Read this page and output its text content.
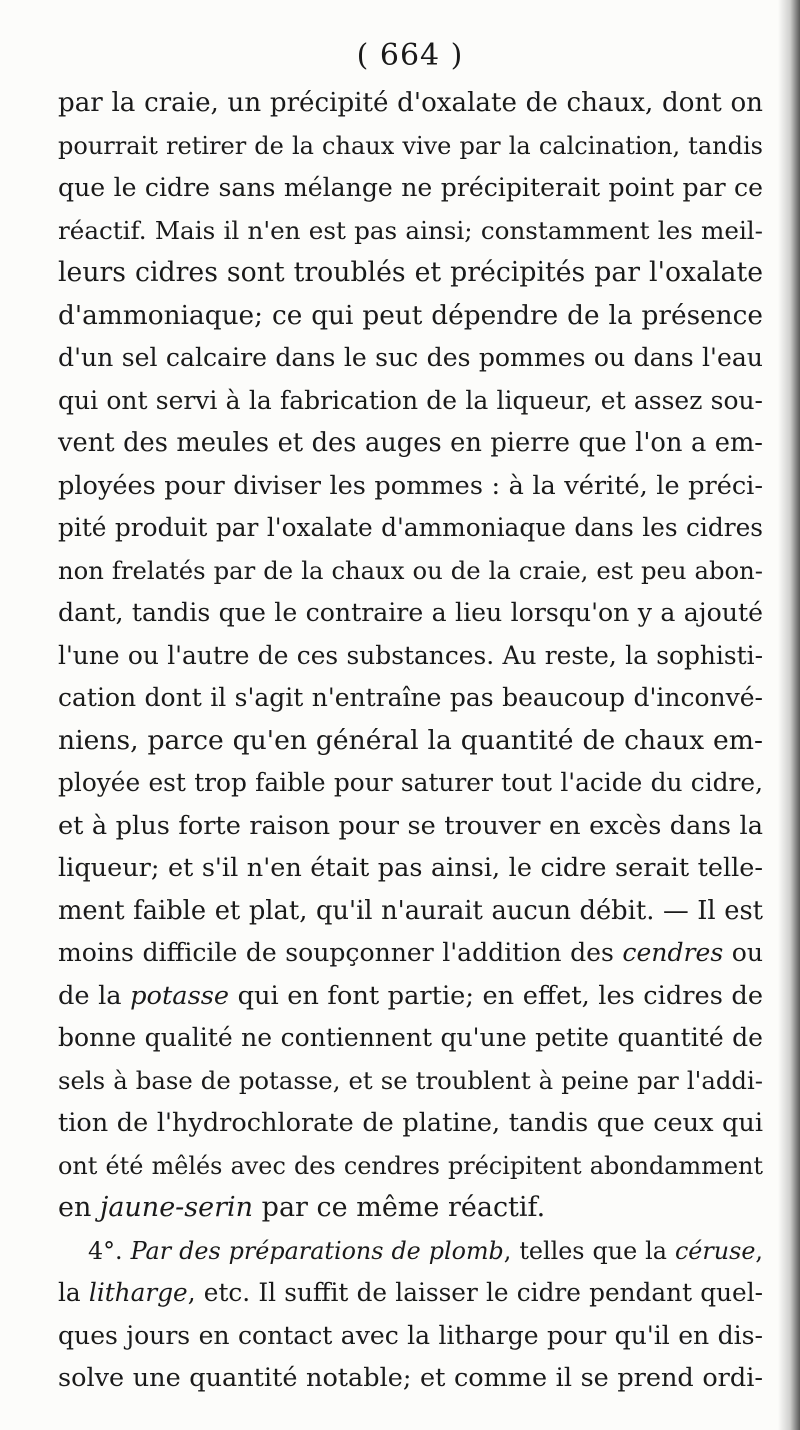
( 664 )
par la craie, un précipité d'oxalate de chaux, dont on
pourrait retirer de la chaux vive par la calcination, tandis
que le cidre sans mélange ne précipiterait point par ce
réactif. Mais il n'en est pas ainsi; constamment les meil-
leurs cidres sont troublés et précipités par l'oxalate
d'ammoniaque; ce qui peut dépendre de la présence
d'un sel calcaire dans le suc des pommes ou dans l'eau
qui ont servi à la fabrication de la liqueur, et assez sou-
vent des meules et des auges en pierre que l'on a em-
ployées pour diviser les pommes : à la vérité, le préci-
pité produit par l'oxalate d'ammoniaque dans les cidres
non frelatés par de la chaux ou de la craie, est peu abon-
dant, tandis que le contraire a lieu lorsqu'on y a ajouté
l'une ou l'autre de ces substances. Au reste, la sophisti-
cation dont il s'agit n'entraîne pas beaucoup d'inconvé-
niens, parce qu'en général la quantité de chaux em-
ployée est trop faible pour saturer tout l'acide du cidre,
et à plus forte raison pour se trouver en excès dans la
liqueur; et s'il n'en était pas ainsi, le cidre serait telle-
ment faible et plat, qu'il n'aurait aucun débit. — Il est
moins difficile de soupçonner l'addition des cendres ou
de la potasse qui en font partie; en effet, les cidres de
bonne qualité ne contiennent qu'une petite quantité de
sels à base de potasse, et se troublent à peine par l'addi-
tion de l'hydrochlorate de platine, tandis que ceux qui
ont été mêlés avec des cendres précipitent abondamment
en jaune-serin par ce même réactif.
4°. Par des préparations de plomb, telles que la céruse,
la litharge, etc. Il suffit de laisser le cidre pendant quel-
ques jours en contact avec la litharge pour qu'il en dis-
solve une quantité notable; et comme il se prend ordi-
